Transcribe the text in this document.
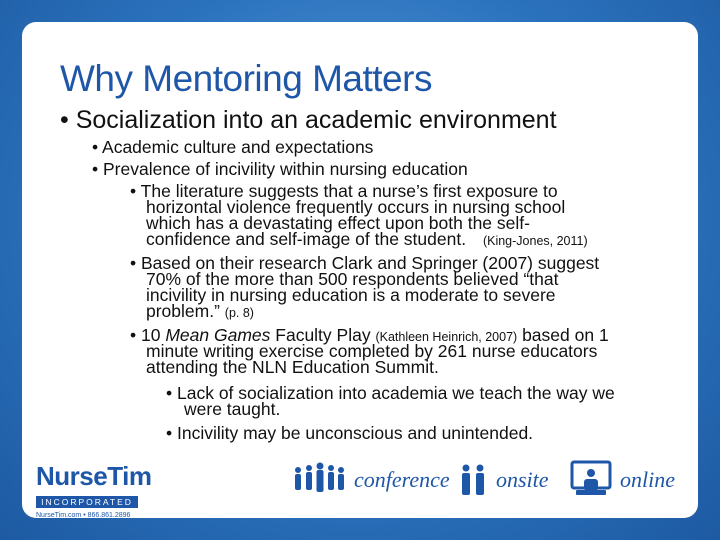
Why Mentoring Matters
• Socialization into an academic environment
• Academic culture and expectations
• Prevalence of incivility within nursing education
• The literature suggests that a nurse’s first exposure to
horizontal violence frequently occurs in nursing school
which has a devastating effect upon both the self-
confidence and self-image of the student. (King-Jones, 2011)
• Based on their research Clark and Springer (2007) suggest
70% of the more than 500 respondents believed “that
incivility in nursing education is a moderate to severe
problem.” (p. 8)
• 10 Mean Games Faculty Play (Kathleen Heinrich, 2007) based on 1
minute writing exercise completed by 261 nurse educators
attending the NLN Education Summit.
• Lack of socialization into academia we teach the way we
were taught.
• Incivility may be unconscious and unintended.
NurseTim
INCORPORATED
NurseTim.com • 866.861.2896
conference onsite	online
